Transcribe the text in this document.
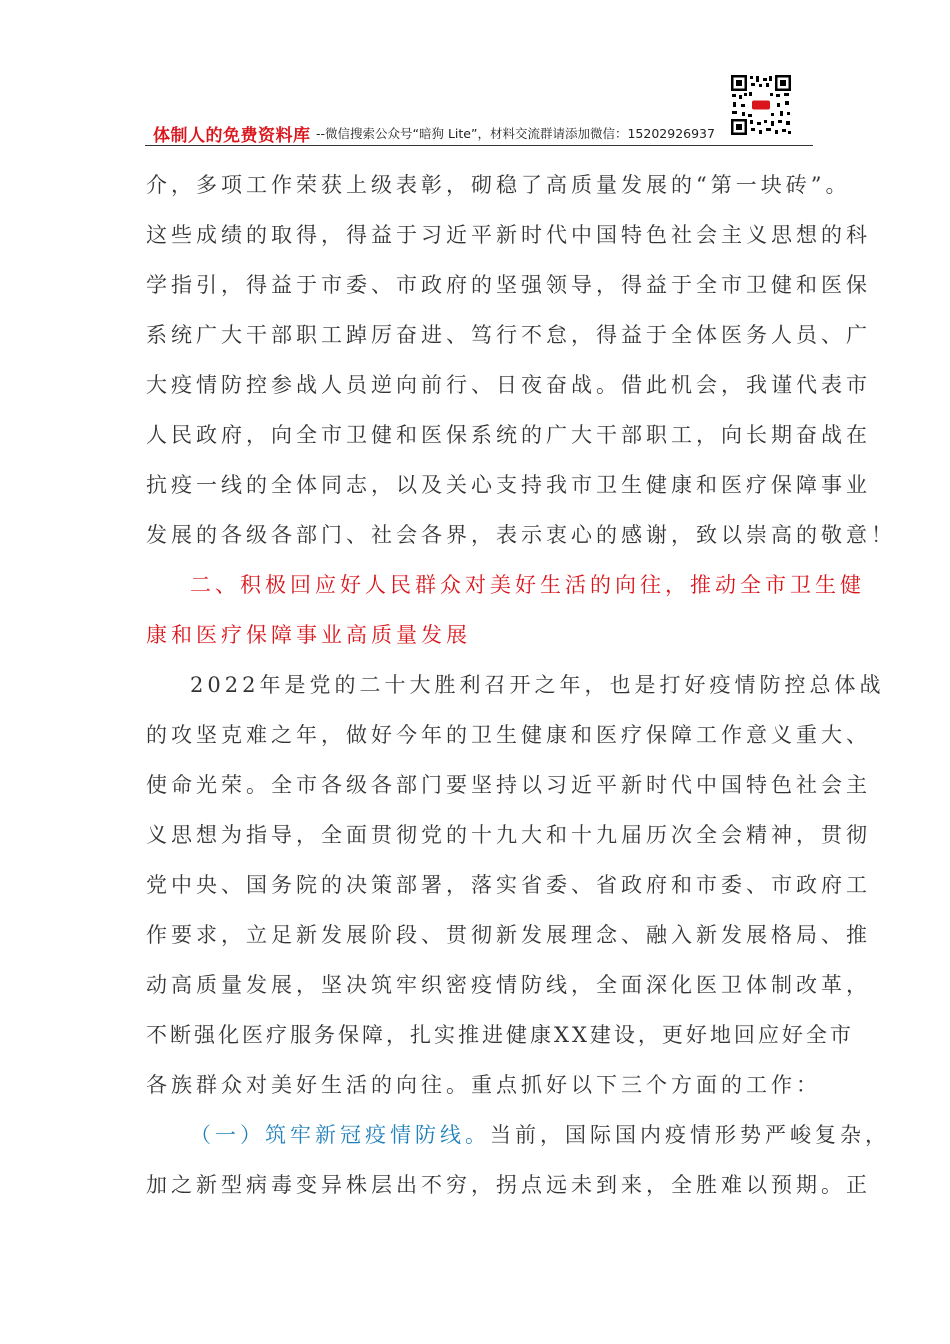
体制人的免费资料库 --微信搜索公众号“暗狗 Lite”，材料交流群请添加微信：15202926937
介，多项工作荣获上级表彰，砌稳了高质量发展的“第一块砖”。
这些成绩的取得，得益于习近平新时代中国特色社会主义思想的科
学指引，得益于市委、市政府的坚强领导，得益于全市卫健和医保
系统广大干部职工踔厉奋进、笃行不怠，得益于全体医务人员、广
大疫情防控参战人员逆向前行、日夜奋战。借此机会，我谨代表市
人民政府，向全市卫健和医保系统的广大干部职工，向长期奋战在
抗疫一线的全体同志，以及关心支持我市卫生健康和医疗保障事业
发展的各级各部门、社会各界，表示衷心的感谢，致以崇高的敬意！
二、积极回应好人民群众对美好生活的向往，推动全市卫生健
康和医疗保障事业高质量发展
2022年是党的二十大胜利召开之年，也是打好疫情防控总体战
的攻坚克难之年，做好今年的卫生健康和医疗保障工作意义重大、
使命光荣。全市各级各部门要坚持以习近平新时代中国特色社会主
义思想为指导，全面贯彻党的十九大和十九届历次全会精神，贯彻
党中央、国务院的决策部署，落实省委、省政府和市委、市政府工
作要求，立足新发展阶段、贯彻新发展理念、融入新发展格局、推
动高质量发展，坚决筑牢织密疫情防线，全面深化医卫体制改革，
不断强化医疗服务保障，扎实推进健康XX建设，更好地回应好全市
各族群众对美好生活的向往。重点抓好以下三个方面的工作：
（一）筑牢新冠疫情防线。当前，国际国内疫情形势严峻复杂，
加之新型病毒变异株层出不穷，拐点远未到来，全胜难以预期。正
